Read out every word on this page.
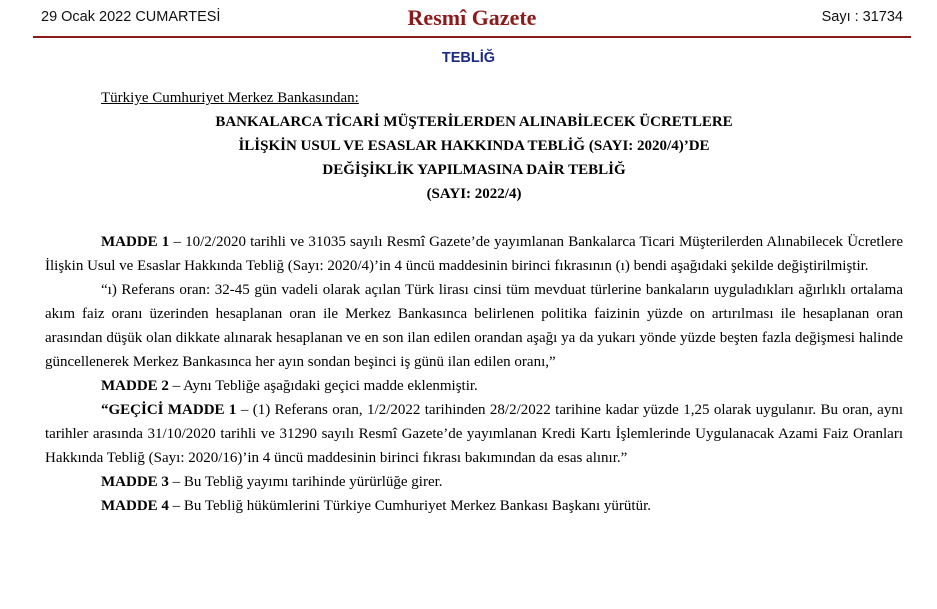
29 Ocak 2022 CUMARTESİ	Resmî Gazete	Sayı : 31734
TEBLİĞ

Türkiye Cumhuriyet Merkez Bankasından:

BANKALARCA TİCARİ MÜŞTERİLERDEN ALINABİLECEK ÜCRETLERE

İLİŞKİN USUL VE ESASLAR HAKKINDA TEBLİĞ (SAYI: 2020/4)’DE

DEĞİŞİKLİK YAPILMASINA DAİR TEBLİĞ

(SAYI: 2022/4)

MADDE 1 – 10/2/2020 tarihli ve 31035 sayılı Resmî Gazete’de yayımlanan Bankalarca Ticari Müşterilerden Alınabilecek Ücretlere İlişkin Usul ve Esaslar Hakkında Tebliğ (Sayı: 2020/4)’in 4 üncü maddesinin birinci fıkrasının (ı) bendi aşağıdaki şekilde değiştirilmiştir.

“ı) Referans oran: 32-45 gün vadeli olarak açılan Türk lirası cinsi tüm mevduat türlerine bankaların uyguladıkları ağırlıklı ortalama akım faiz oranı üzerinden hesaplanan oran ile Merkez Bankasınca belirlenen politika faizinin yüzde on artırılması ile hesaplanan oran arasından düşük olan dikkate alınarak hesaplanan ve en son ilan edilen orandan aşağı ya da yukarı yönde yüzde beşten fazla değişmesi halinde güncellenerek Merkez Bankasınca her ayın sondan beşinci iş günü ilan edilen oranı,”

MADDE 2 – Aynı Tebliğe aşağıdaki geçici madde eklenmiştir.

“GEÇİCİ MADDE 1 – (1) Referans oran, 1/2/2022 tarihinden 28/2/2022 tarihine kadar yüzde 1,25 olarak uygulanır. Bu oran, aynı tarihler arasında 31/10/2020 tarihli ve 31290 sayılı Resmî Gazete’de yayımlanan Kredi Kartı İşlemlerinde Uygulanacak Azami Faiz Oranları Hakkında Tebliğ (Sayı: 2020/16)’in 4 üncü maddesinin birinci fıkrası bakımından da esas alınır.”

MADDE 3 – Bu Tebliğ yayımı tarihinde yürürlüğe girer.

MADDE 4 – Bu Tebliğ hükümlerini Türkiye Cumhuriyet Merkez Bankası Başkanı yürütür.
